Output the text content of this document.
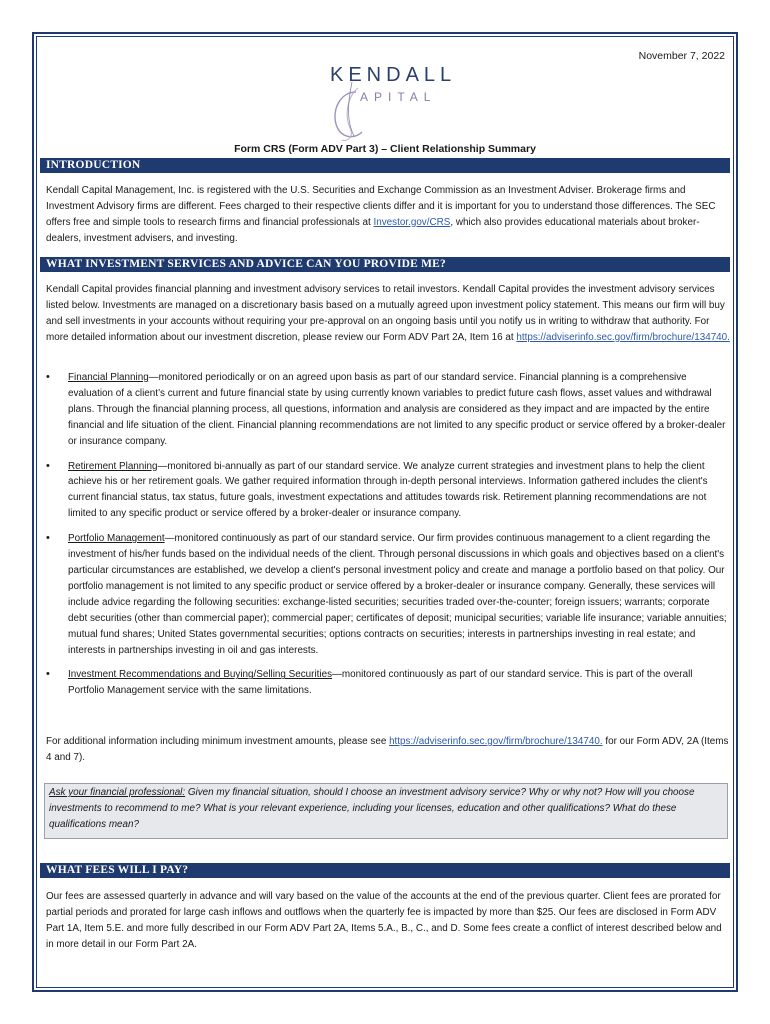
November 7, 2022
KENDALL
APITAL
Form CRS (Form ADV Part 3) – Client Relationship Summary
INTRODUCTION
Kendall Capital Management, Inc. is registered with the U.S. Securities and Exchange Commission as an Investment Adviser. Brokerage firms and Investment Advisory firms are different. Fees charged to their respective clients differ and it is important for you to understand those differences. The SEC offers free and simple tools to research firms and financial professionals at Investor.gov/CRS, which also provides educational materials about broker-dealers, investment advisers, and investing.
WHAT INVESTMENT SERVICES AND ADVICE CAN YOU PROVIDE ME?
Kendall Capital provides financial planning and investment advisory services to retail investors. Kendall Capital provides the investment advisory services listed below. Investments are managed on a discretionary basis based on a mutually agreed upon investment policy statement. This means our firm will buy and sell investments in your accounts without requiring your pre-approval on an ongoing basis until you notify us in writing to withdraw that authority. For more detailed information about our investment discretion, please review our Form ADV Part 2A, Item 16 at https://adviserinfo.sec.gov/firm/brochure/134740.
• Financial Planning—monitored periodically or on an agreed upon basis as part of our standard service. Financial planning is a comprehensive evaluation of a client’s current and future financial state by using currently known variables to predict future cash flows, asset values and withdrawal plans. Through the financial planning process, all questions, information and analysis are considered as they impact and are impacted by the entire financial and life situation of the client. Financial planning recommendations are not limited to any specific product or service offered by a broker-dealer or insurance company.
• Retirement Planning—monitored bi-annually as part of our standard service. We analyze current strategies and investment plans to help the client achieve his or her retirement goals. We gather required information through in-depth personal interviews. Information gathered includes the client's current financial status, tax status, future goals, investment expectations and attitudes towards risk. Retirement planning recommendations are not limited to any specific product or service offered by a broker-dealer or insurance company.
• Portfolio Management—monitored continuously as part of our standard service. Our firm provides continuous management to a client regarding the investment of his/her funds based on the individual needs of the client. Through personal discussions in which goals and objectives based on a client's particular circumstances are established, we develop a client's personal investment policy and create and manage a portfolio based on that policy. Our portfolio management is not limited to any specific product or service offered by a broker-dealer or insurance company. Generally, these services will include advice regarding the following securities: exchange-listed securities; securities traded over-the-counter; foreign issuers; warrants; corporate debt securities (other than commercial paper); commercial paper; certificates of deposit; municipal securities; variable life insurance; variable annuities; mutual fund shares; United States governmental securities; options contracts on securities; interests in partnerships investing in real estate; and interests in partnerships investing in oil and gas interests.
• Investment Recommendations and Buying/Selling Securities—monitored continuously as part of our standard service. This is part of the overall Portfolio Management service with the same limitations.
For additional information including minimum investment amounts, please see https://adviserinfo.sec.gov/firm/brochure/134740. for our Form ADV, 2A (Items 4 and 7).
Ask your financial professional: Given my financial situation, should I choose an investment advisory service? Why or why not? How will you choose investments to recommend to me? What is your relevant experience, including your licenses, education and other qualifications? What do these qualifications mean?
WHAT FEES WILL I PAY?
Our fees are assessed quarterly in advance and will vary based on the value of the accounts at the end of the previous quarter. Client fees are prorated for partial periods and prorated for large cash inflows and outflows when the quarterly fee is impacted by more than $25. Our fees are disclosed in Form ADV Part 1A, Item 5.E. and more fully described in our Form ADV Part 2A, Items 5.A., B., C., and D. Some fees create a conflict of interest described below and in more detail in our Form Part 2A.
